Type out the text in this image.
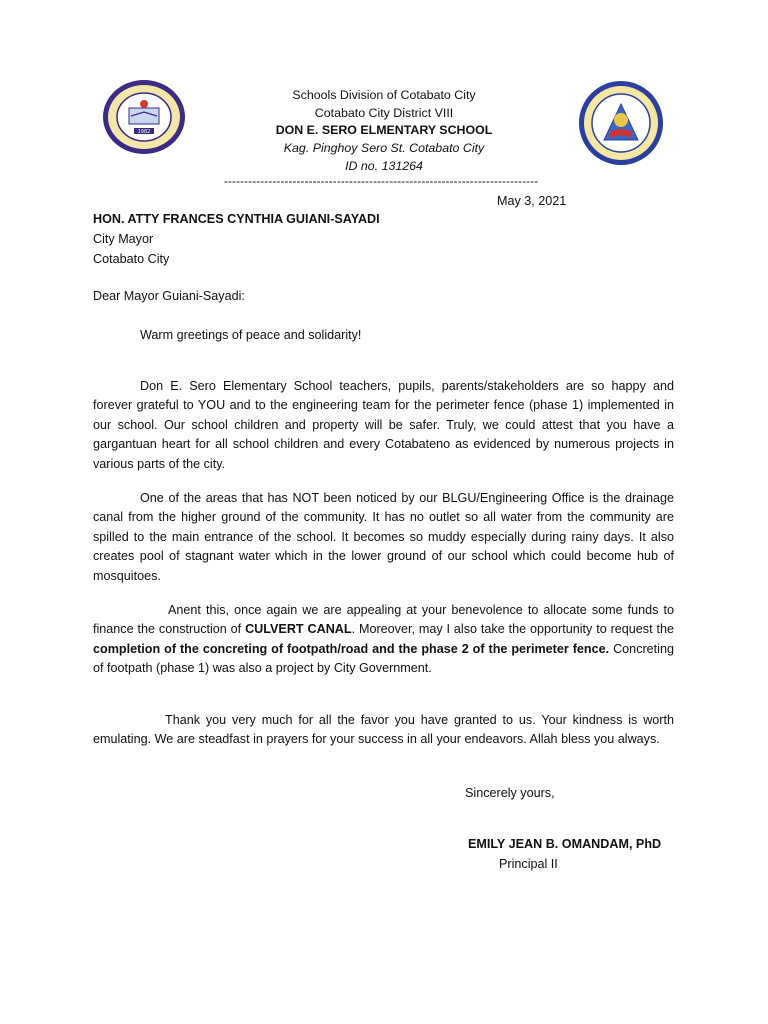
1982
Schools Division of Cotabato City
Cotabato City District VIII
DON E. SERO ELMENTARY SCHOOL
Kag. Pinghoy Sero St. Cotabato City
ID no. 131264
------------------------------------------------------------------------------
May 3, 2021
HON. ATTY FRANCES CYNTHIA GUIANI-SAYADI
City Mayor
Cotabato City
Dear Mayor Guiani-Sayadi:
Warm greetings of peace and solidarity!
Don E. Sero Elementary School teachers, pupils, parents/stakeholders are so happy and forever grateful to YOU and to the engineering team for the perimeter fence (phase 1) implemented in our school. Our school children and property will be safer. Truly, we could attest that you have a gargantuan heart for all school children and every Cotabateno as evidenced by numerous projects in various parts of the city.
One of the areas that has NOT been noticed by our BLGU/Engineering Office is the drainage canal from the higher ground of the community. It has no outlet so all water from the community are spilled to the main entrance of the school. It becomes so muddy especially during rainy days. It also creates pool of stagnant water which in the lower ground of our school which could become hub of mosquitoes.
Anent this, once again we are appealing at your benevolence to allocate some funds to finance the construction of CULVERT CANAL. Moreover, may I also take the opportunity to request the completion of the concreting of footpath/road and the phase 2 of the perimeter fence. Concreting of footpath (phase 1) was also a project by City Government.
Thank you very much for all the favor you have granted to us. Your kindness is worth emulating. We are steadfast in prayers for your success in all your endeavors. Allah bless you always.
Sincerely yours,
EMILY JEAN B. OMANDAM, PhD
Principal II
